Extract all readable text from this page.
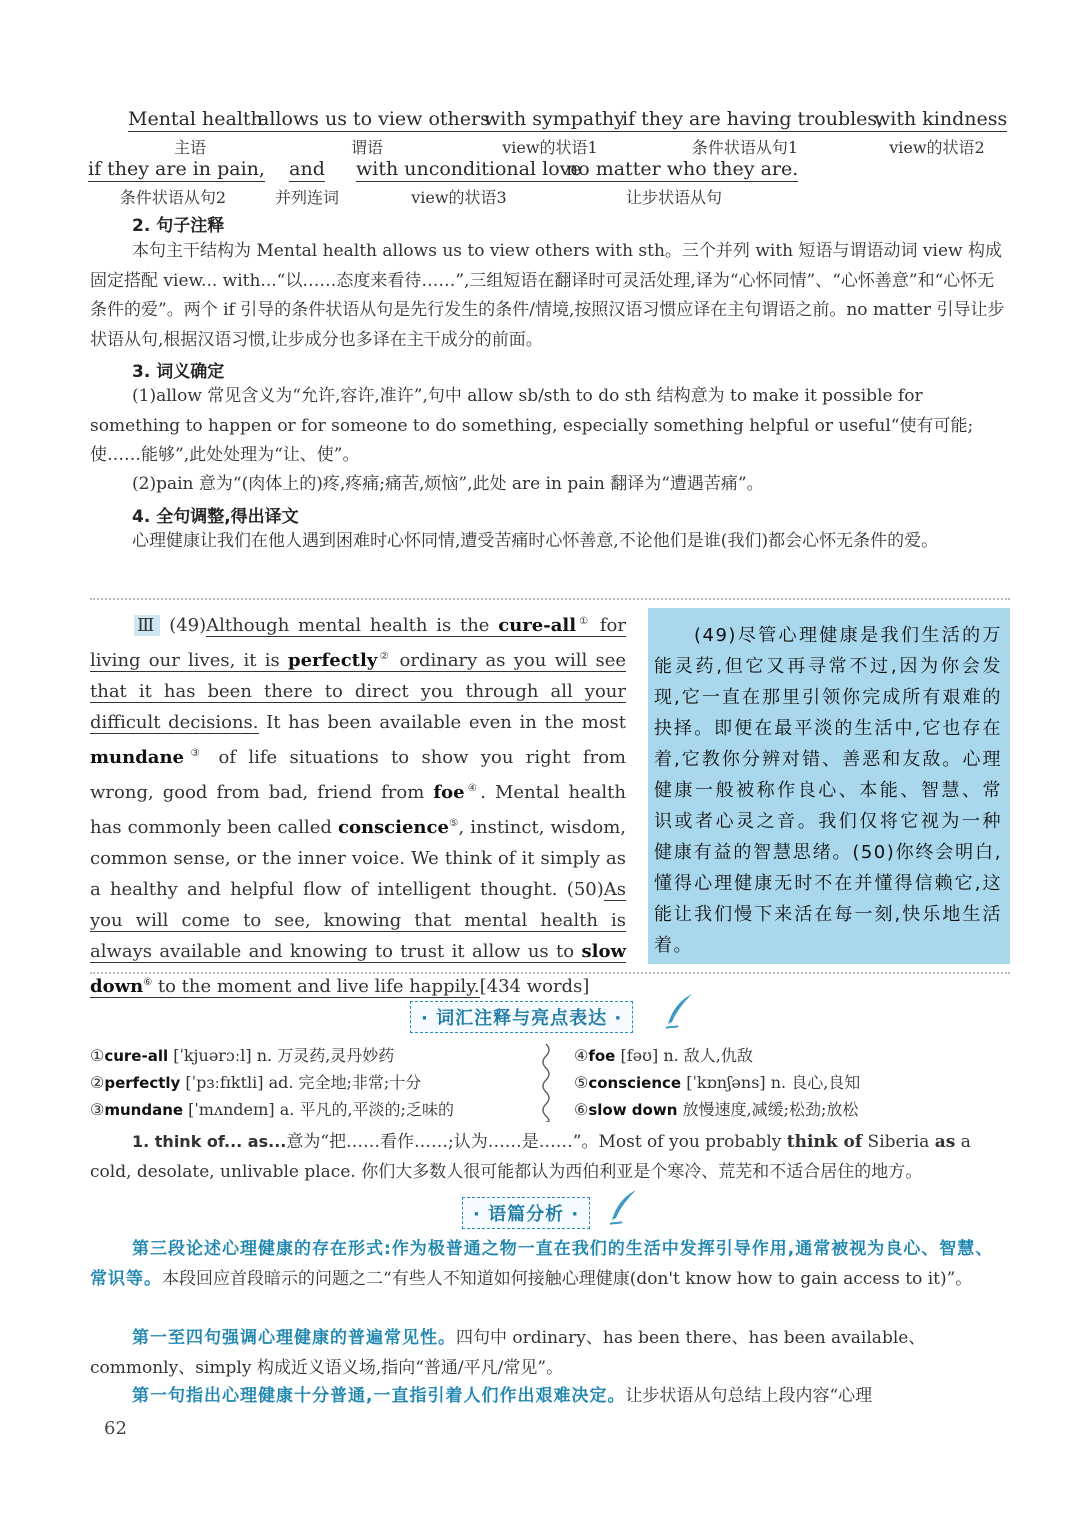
Mental health
主语
allows us to view others
谓语
with sympathy
view的状语1
if they are having troubles,
条件状语从句1
with kindness
view的状语2
if they are in pain,
条件状语从句2
and
并列连词
with unconditional love
view的状语3
no matter who they are.
让步状语从句
2. 句子注释
本句主干结构为 Mental health allows us to view others with sth。三个并列 with 短语与谓语动词 view 构成固定搭配 view... with...“以……态度来看待……”,三组短语在翻译时可灵活处理,译为“心怀同情”、“心怀善意”和“心怀无条件的爱”。两个 if 引导的条件状语从句是先行发生的条件/情境,按照汉语习惯应译在主句谓语之前。no matter 引导让步状语从句,根据汉语习惯,让步成分也多译在主干成分的前面。
3. 词义确定
(1)allow 常见含义为“允许,容许,准许”,句中 allow sb/sth to do sth 结构意为 to make it possible for something to happen or for someone to do something, especially something helpful or useful“使有可能;使……能够”,此处处理为“让、使”。
(2)pain 意为“(肉体上的)疼,疼痛;痛苦,烦恼”,此处 are in pain 翻译为“遭遇苦痛”。
4. 全句调整,得出译文
心理健康让我们在他人遇到困难时心怀同情,遭受苦痛时心怀善意,不论他们是谁(我们)都会心怀无条件的爱。
Ⅲ (49)Although mental health is the cure-all① for living our lives, it is perfectly② ordinary as you will see that it has been there to direct you through all your difficult decisions. It has been available even in the most mundane③ of life situations to show you right from wrong, good from bad, friend from foe④. Mental health has commonly been called conscience⑤, instinct, wisdom, common sense, or the inner voice. We think of it simply as a healthy and helpful flow of intelligent thought. (50)As you will come to see, knowing that mental health is always available and knowing to trust it allow us to slow down⑥ to the moment and live life happily.[434 words]
(49)尽管心理健康是我们生活的万能灵药,但它又再寻常不过,因为你会发现,它一直在那里引领你完成所有艰难的抉择。即便在最平淡的生活中,它也存在着,它教你分辨对错、善恶和友敌。心理健康一般被称作良心、本能、智慧、常识或者心灵之音。我们仅将它视为一种健康有益的智慧思绪。(50)你终会明白,懂得心理健康无时不在并懂得信赖它,这能让我们慢下来活在每一刻,快乐地生活着。
· 词汇注释与亮点表达 ·
①cure-all [ˈkjuərɔːl] n. 万灵药,灵丹妙药
②perfectly [ˈpɜːfɪktli] ad. 完全地;非常;十分
③mundane [ˈmʌndeɪn] a. 平凡的,平淡的;乏味的
④foe [fəʊ] n. 敌人,仇敌
⑤conscience [ˈkɒnʃəns] n. 良心,良知
⑥slow down 放慢速度,减缓;松劲;放松
1. think of... as...意为“把……看作……;认为……是……”。Most of you probably think of Siberia as a cold, desolate, unlivable place. 你们大多数人很可能都认为西伯利亚是个寒冷、荒芜和不适合居住的地方。
· 语篇分析 ·
第三段论述心理健康的存在形式:作为极普通之物一直在我们的生活中发挥引导作用,通常被视为良心、智慧、常识等。本段回应首段暗示的问题之二“有些人不知道如何接触心理健康(don't know how to gain access to it)”。
第一至四句强调心理健康的普遍常见性。四句中 ordinary、has been there、has been available、commonly、simply 构成近义语义场,指向“普通/平凡/常见”。
第一句指出心理健康十分普通,一直指引着人们作出艰难决定。让步状语从句总结上段内容“心理
62
